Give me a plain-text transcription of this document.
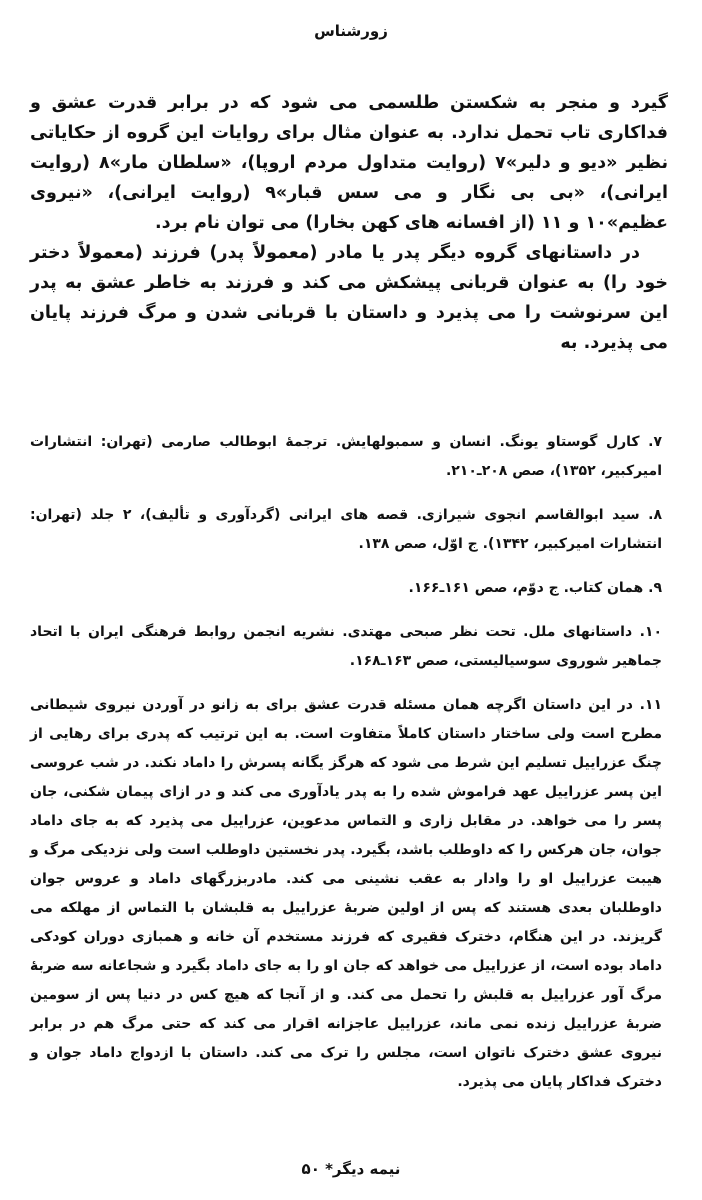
زورشناس

گیرد و منجر به شکستن طلسمی می شود که در برابر قدرت عشق و فداکاری تاب تحمل ندارد. به عنوان مثال برای روایات این گروه از حکایاتی نظیر «دیو و دلیر»۷ (روایت متداول مردم اروپا)، «سلطان مار»۸ (روایت ایرانی)، «بی بی نگار و می سس قبار»۹ (روایت ایرانی)، «نیروی عظیم»۱۰ و ۱۱ (از افسانه های کهن بخارا) می توان نام برد.

در داستانهای گروه دیگر پدر یا مادر (معمولاً پدر) فرزند (معمولاً دختر خود را) به عنوان قربانی پیشکش می کند و فرزند به خاطر عشق به پدر این سرنوشت را می پذیرد و داستان با قربانی شدن و مرگ فرزند پایان می پذیرد. به

۷. کارل گوستاو یونگ. انسان و سمبولهایش. ترجمهٔ ابوطالب صارمی (تهران: انتشارات امیرکبیر، ۱۳۵۲)، صص ۲۰۸ـ۲۱۰.

۸. سید ابوالقاسم انجوی شیرازی. قصه های ایرانی (گردآوری و تألیف)، ۲ جلد (تهران: انتشارات امیرکبیر، ۱۳۴۲). ج اوّل، صص ۱۳۸.

۹. همان کتاب. ج دوّم، صص ۱۶۱ـ۱۶۶.

۱۰. داستانهای ملل. تحت نظر صبحی مهتدی. نشریه انجمن روابط فرهنگی ایران با اتحاد جماهیر شوروی سوسیالیستی، صص ۱۶۳ـ۱۶۸.

۱۱. در این داستان اگرچه همان مسئله قدرت عشق برای به زانو در آوردن نیروی شیطانی مطرح است ولی ساختار داستان کاملاً متفاوت است. به این ترتیب که پدری برای رهایی از چنگ عزراییل تسلیم این شرط می شود که هرگز یگانه پسرش را داماد نکند. در شب عروسی این پسر عزراییل عهد فراموش شده را به پدر یادآوری می کند و در ازای پیمان شکنی، جان پسر را می خواهد. در مقابل زاری و التماس مدعوین، عزراییل می پذیرد که به جای داماد جوان، جان هرکس را که داوطلب باشد، بگیرد. پدر نخستین داوطلب است ولی نزدیکی مرگ و هیبت عزراییل او را وادار به عقب نشینی می کند. مادربزرگهای داماد و عروس جوان داوطلبان بعدی هستند که پس از اولین ضربهٔ عزراییل به قلبشان با التماس از مهلکه می گریزند. در این هنگام، دخترک فقیری که فرزند مستخدم آن خانه و همبازی دوران کودکی داماد بوده است، از عزراییل می خواهد که جان او را به جای داماد بگیرد و شجاعانه سه ضربهٔ مرگ آور عزراییل به قلبش را تحمل می کند. و از آنجا که هیچ کس در دنیا پس از سومین ضربهٔ عزراییل زنده نمی ماند، عزراییل عاجزانه اقرار می کند که حتی مرگ هم در برابر نیروی عشق دخترک ناتوان است، مجلس را ترک می کند. داستان با ازدواج داماد جوان و دخترک فداکار پایان می پذیرد.

نیمه دیگر* ۵۰
